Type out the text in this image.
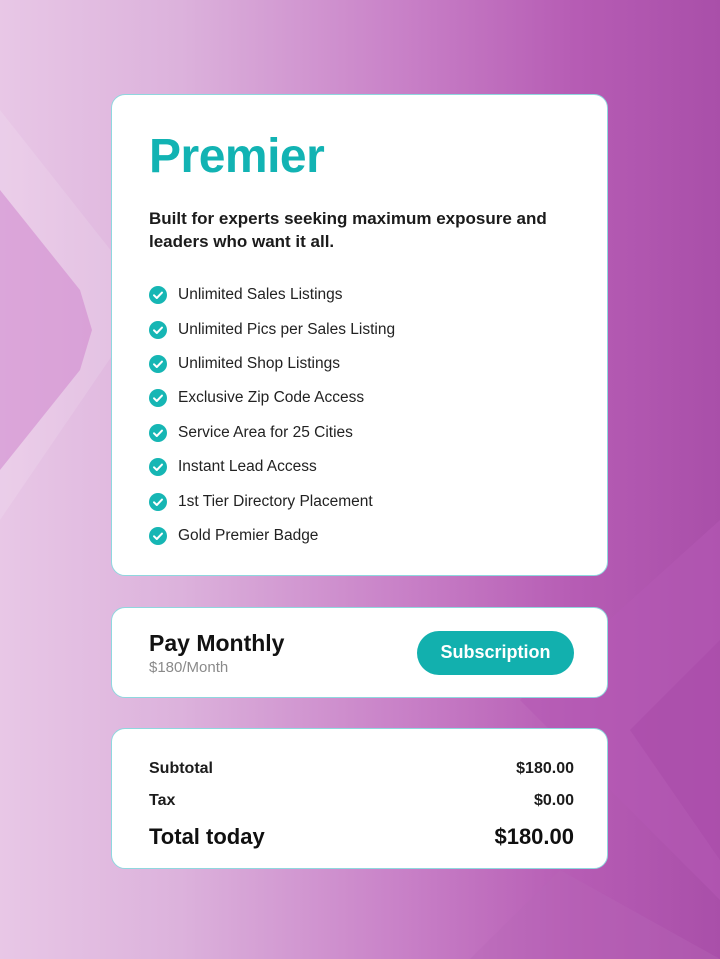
Premier

Built for experts seeking maximum exposure and leaders who want it all.

Unlimited Sales Listings
Unlimited Pics per Sales Listing
Unlimited Shop Listings
Exclusive Zip Code Access
Service Area for 25 Cities
Instant Lead Access
1st Tier Directory Placement
Gold Premier Badge
Pay Monthly
$180/Month
Subscription
Subtotal	$180.00
Tax	$0.00
Total today	$180.00
